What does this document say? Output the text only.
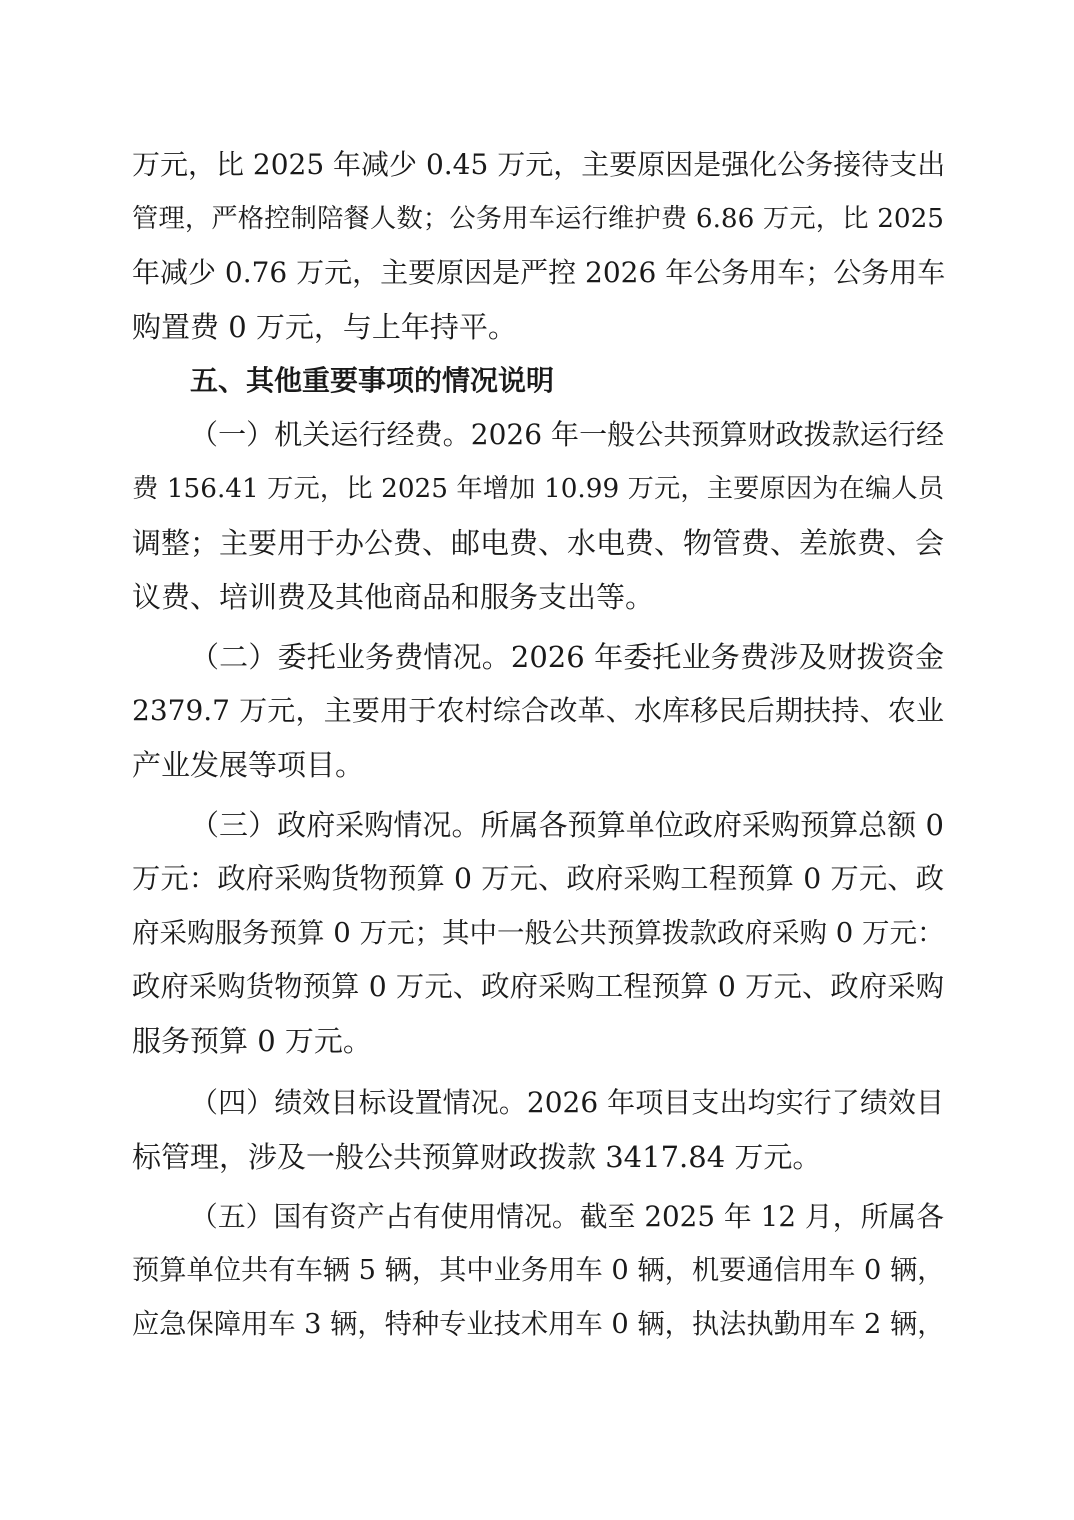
万元，比 2025 年减少 0.45 万元，主要原因是强化公务接待支出
管理，严格控制陪餐人数；公务用车运行维护费 6.86 万元，比 2025
年减少 0.76 万元，主要原因是严控 2026 年公务用车；公务用车
购置费 0 万元，与上年持平。
五、其他重要事项的情况说明
（一）机关运行经费。2026 年一般公共预算财政拨款运行经
费 156.41 万元，比 2025 年增加 10.99 万元，主要原因为在编人员
调整；主要用于办公费、邮电费、水电费、物管费、差旅费、会
议费、培训费及其他商品和服务支出等。
（二）委托业务费情况。2026 年委托业务费涉及财拨资金
2379.7 万元，主要用于农村综合改革、水库移民后期扶持、农业
产业发展等项目。
（三）政府采购情况。所属各预算单位政府采购预算总额 0
万元：政府采购货物预算 0 万元、政府采购工程预算 0 万元、政
府采购服务预算 0 万元；其中一般公共预算拨款政府采购 0 万元：
政府采购货物预算 0 万元、政府采购工程预算 0 万元、政府采购
服务预算 0 万元。
（四）绩效目标设置情况。2026 年项目支出均实行了绩效目
标管理，涉及一般公共预算财政拨款 3417.84 万元。
（五）国有资产占有使用情况。截至 2025 年 12 月，所属各
预算单位共有车辆 5 辆，其中业务用车 0 辆，机要通信用车 0 辆，
应急保障用车 3 辆，特种专业技术用车 0 辆，执法执勤用车 2 辆，
